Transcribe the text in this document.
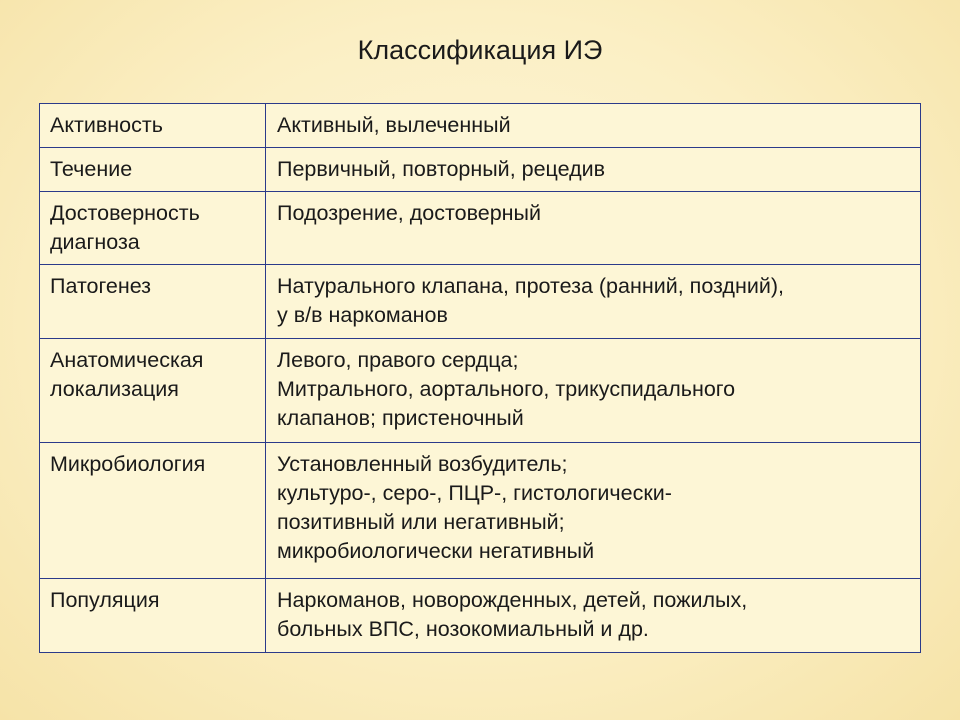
Классификация ИЭ
Активность	Активный, вылеченный

Течение	Первичный, повторный, рецедив

Достоверность
диагноза	Подозрение, достоверный

Патогенез	Натурального клапана, протеза (ранний, поздний),
у в/в наркоманов

Анатомическая
локализация	Левого, правого сердца;
Митрального, аортального, трикуспидального
клапанов; пристеночный

Микробиология	Установленный возбудитель;
культуро-, серо-, ПЦР-, гистологически-
позитивный или негативный;
микробиологически негативный

Популяция	Наркоманов, новорожденных, детей, пожилых,
больных ВПС, нозокомиальный и др.
